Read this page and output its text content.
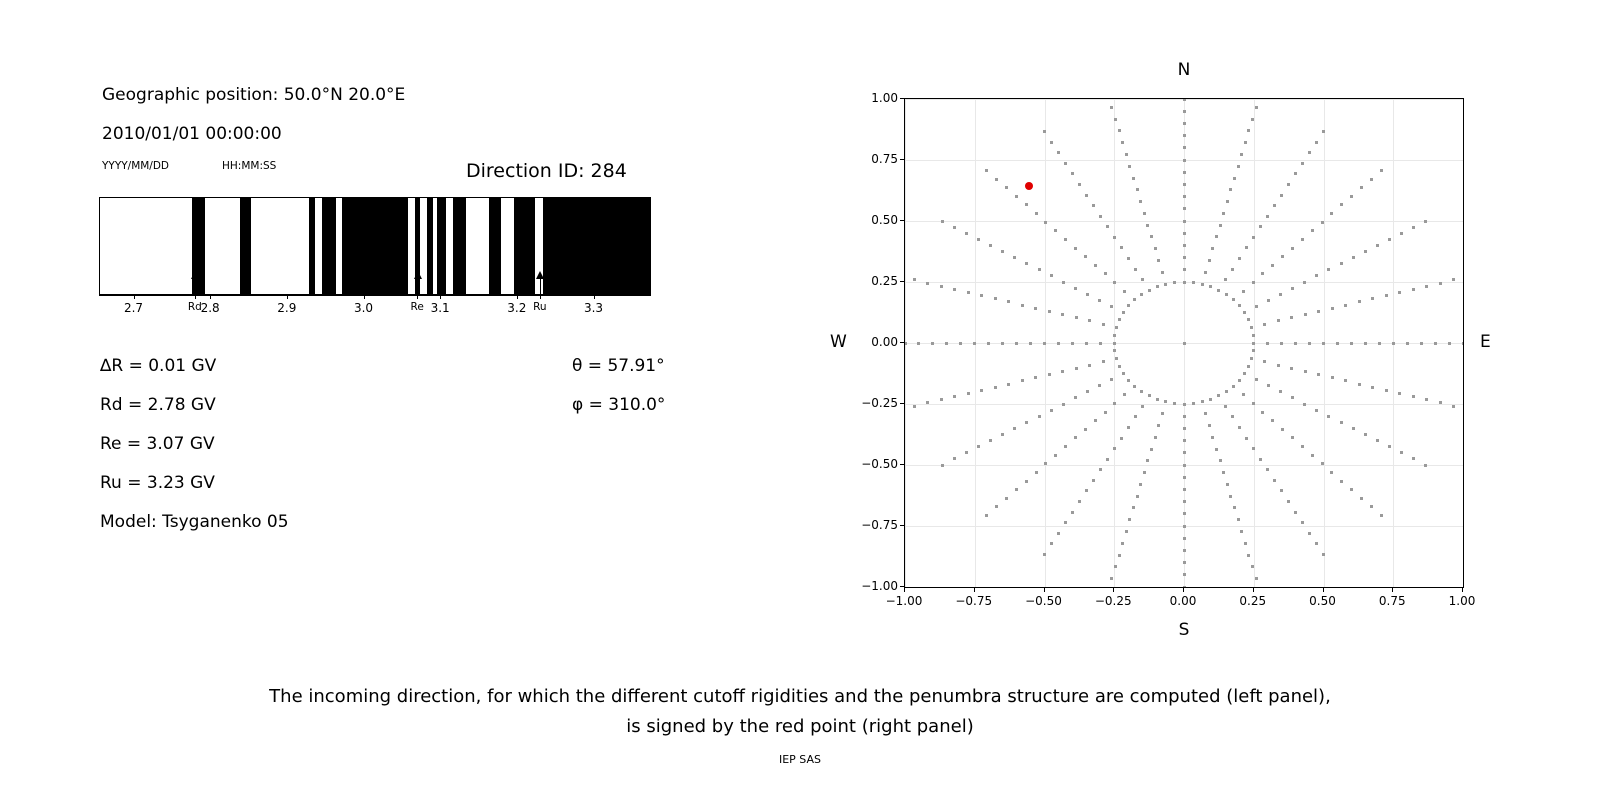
Geographic position: 50.0°N 20.0°E
2010/01/01 00:00:00
YYYY/MM/DD	HH:MM:SS	Direction ID: 284
2.7	2.8	2.9	3.0	3.1	3.2	3.3
Rd	Re	Ru
∆R = 0.01 GV
Rd = 2.78 GV
Re = 3.07 GV
Ru = 3.23 GV
Model: Tsyganenko 05
θ = 57.91°
φ = 310.0°
N
S
W	E
−1.00
−0.75
−0.50
−0.25
0.00
0.25
0.50
0.75
1.00
−1.00	−0.75	−0.50	−0.25	0.00	0.25	0.50	0.75	1.00
The incoming direction, for which the different cutoff rigidities and the penumbra structure are computed (left panel),
is signed by the red point (right panel)
IEP SAS
